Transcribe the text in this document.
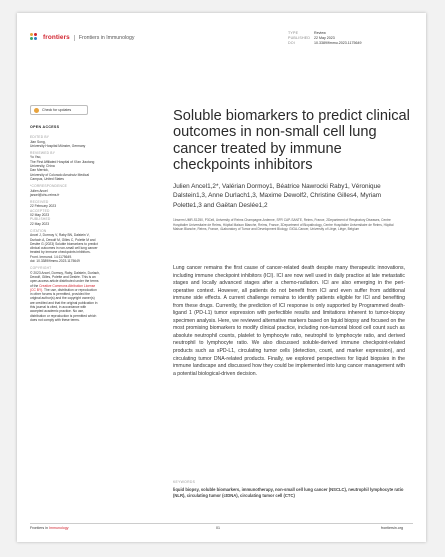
frontiers	Frontiers in Immunology
TYPE	Review
PUBLISHED 22 May 2023
DOI	10.3389/fimmu.2023.1175649
Check for updates
OPEN ACCESS
EDITED BY
Jian Song,
University Hospital Münster, Germany
REVIEWED BY
Yu Yao,
The First Affiliated Hospital of Xi'an Jiaotong University, China
Dan Merrick,
University of Colorado Anschutz Medical Campus, United States
*CORRESPONDENCE
Julien Ancel
jancel@chu-reims.fr
RECEIVED
22 February 2023
ACCEPTED
02 May 2023
PUBLISHED
22 May 2023
CITATION
Ancel J, Dormoy V, Raby BN, Dalstein V, Durlach A, Dewolf M, Gilles C, Polette M and Deslée G (2023) Soluble biomarkers to predict clinical outcomes in non-small cell lung cancer treated by immune checkpoints inhibitors.
Front. Immunol. 14:1175649.
doi: 10.3389/fimmu.2023.1175649
COPYRIGHT
© 2023 Ancel, Dormoy, Raby, Dalstein, Durlach, Dewolf, Gilles, Polette and Deslée. This is an open-access article distributed under the terms of the Creative Commons Attribution License (CC BY). The use, distribution or reproduction in other forums is permitted, provided the original author(s) and the copyright owner(s) are credited and that the original publication in this journal is cited, in accordance with accepted academic practice. No use, distribution or reproduction is permitted which does not comply with these terms.
Soluble biomarkers to predict clinical outcomes in non-small cell lung cancer treated by immune checkpoints inhibitors
Julien Ancel1,2*, Valérian Dormoy1, Béatrice Nawrocki Raby1, Véronique Dalstein1,3, Anne Durlach1,3, Maxime Dewolf2, Christine Gilles4, Myriam Polette1,3 and Gaëtan Deslée1,2
1Inserm UMR-S1250, P3Cell, University of Reims Champagne-Ardenne, SFR CAP-SANTE, Reims, France, 2Department of Respiratory Diseases, Centre Hospitalier Universitaire de Reims, Hôpital Maison Blanche, Reims, France, 3Department of Biopathology, Centre Hospitalier Universitaire de Reims, Hôpital Maison Blanche, Reims, France, 4Laboratory of Tumor and Development Biology, GIGA-Cancer, University of Liège, Liège, Belgium
Lung cancer remains the first cause of cancer-related death despite many therapeutic innovations, including immune checkpoint inhibitors (ICI). ICI are now well used in daily practice at late metastatic stages and locally advanced stages after a chemo-radiation. ICI are also emerging in the peri-operative context. However, all patients do not benefit from ICI and even suffer from additional immune side effects. A current challenge remains to identify patients eligible for ICI and benefiting from these drugs. Currently, the prediction of ICI response is only supported by Programmed death-ligand 1 (PD-L1) tumor expression with perfectible results and limitations inherent to tumor-biopsy specimen analysis. Here, we reviewed alternative markers based on liquid biopsy and focused on the most promising biomarkers to modify clinical practice, including non-tumoral blood cell count such as absolute neutrophil counts, platelet to lymphocyte ratio, neutrophil to lymphocyte ratio, and derived neutrophil to lymphocyte ratio. We also discussed soluble-derived immune checkpoint-related products such as sPD-L1, circulating tumor cells (detection, count, and marker expression), and circulating tumor DNA-related products. Finally, we explored perspectives for liquid biopsies in the immune landscape and discussed how they could be implemented into lung cancer management with a potential biological-driven decision.
KEYWORDS
liquid biopsy, soluble biomarkers, immunotherapy, non-small cell lung cancer (NSCLC), neutrophil lymphocyte ratio (NLR), circulating tumor (ctDNA), circulating tumor cell (CTC)
Frontiers in Immunology	01	frontiersin.org
